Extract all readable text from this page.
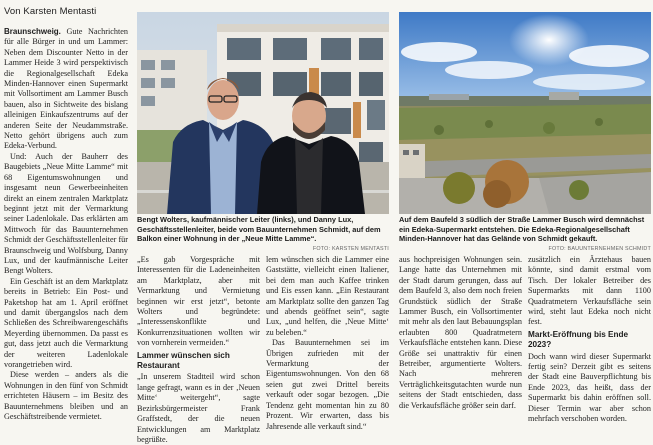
Von Karsten Mentasti

Braunschweig. Gute Nachrichten für alle Bürger in und um Lammer: Neben dem Discounter Netto in der Lammer Heide 3 wird perspektivisch die Regionalgesellschaft Edeka Minden-Hannover einen Supermarkt mit Vollsortiment am Lammer Busch bauen, also in Sichtweite des bislang alleinigen Einkaufszentrums auf der anderen Seite der Neudammstraße. Netto gehört übrigens auch zum Edeka-Verbund.

Und: Auch der Bauherr des Baugebiets „Neue Mitte Lamme“ mit 68 Eigentumswohnungen und insgesamt neun Gewerbeeinheiten direkt an einem zentralen Marktplatz beginnt jetzt mit der Vermarktung seiner Ladenlokale. Das erklärten am Mittwoch für das Bauunternehmen Schmidt der Geschäftsstellenleiter für Braunschweig und Wolfsburg, Danny Lux, und der kaufmännische Leiter Bengt Wolters.

Ein Geschäft ist an dem Marktplatz bereits in Betrieb: Ein Post- und Paketshop hat am 1. April eröffnet und damit übergangslos nach dem Schließen des Schreibwarengeschäfts Meyerding übernommen. Da passt es gut, dass jetzt auch die Vermarktung der weiteren Ladenlokale vorangetrieben wird.

Diese werden – anders als die Wohnungen in den fünf von Schmidt errichteten Häusern – im Besitz des Bauunternehmens bleiben und an Geschäftstreibende vermietet.

Bengt Wolters, kaufmännischer Leiter (links), und Danny Lux, Geschäftsstellenleiter, beide vom Bauunternehmen Schmidt, auf dem Balkon einer Wohnung in der „Neue Mitte Lamme“.
FOTO: KARSTEN MENTASTI
Auf dem Baufeld 3 südlich der Straße Lammer Busch wird demnächst ein Edeka-Supermarkt entstehen. Die Edeka-Regionalgesellschaft Minden-Hannover hat das Gelände von Schmidt gekauft.
FOTO: BAUUNTERNEHMEN SCHMIDT

„Es gab Vorgespräche mit Interessenten für die Ladeneinheiten am Marktplatz, aber mit Vermarktung und Vermietung beginnen wir erst jetzt“, betonte Wolters und begründete: „Interessenskonflikte und Konkurrenzsituationen wollten wir von vornherein vermeiden.“

Lammer wünschen sich Restaurant

„In unserem Stadtteil wird schon lange gefragt, wann es in der ‚Neuen Mitte‘ weitergeht“, sagte Bezirksbürgermeister Frank Graffstedt, der die neuen Entwicklungen am Marktplatz begrüßte.

lem wünschen sich die Lammer eine Gaststätte, vielleicht einen Italiener, bei dem man auch Kaffee trinken und Eis essen kann. „Ein Restaurant am Marktplatz sollte den ganzen Tag und abends geöffnet sein“, sagte Lux, „und helfen, die ‚Neue Mitte‘ zu beleben.“

Das Bauunternehmen sei im Übrigen zufrieden mit der Vermarktung der Eigentumswohnungen. Von den 68 seien gut zwei Drittel bereits verkauft oder sogar bezogen. „Die Tendenz geht momentan hin zu 80 Prozent. Wir erwarten, dass bis Jahresende alle verkauft sind.“

aus hochpreisigen Wohnungen sein. Lange hatte das Unternehmen mit der Stadt darum gerungen, dass auf dem Baufeld 3, also dem noch freien Grundstück südlich der Straße Lammer Busch, ein Vollsortimenter mit mehr als den laut Bebauungsplan erlaubten 800 Quadratmetern Verkaufsfläche entstehen kann. Diese Größe sei unattraktiv für einen Betreiber, argumentierte Wolters. Nach mehreren Verträglichkeitsgutachten wurde nun seitens der Stadt entschieden, dass die Verkaufsfläche größer sein darf.

zusätzlich ein Ärztehaus bauen könnte, sind damit erstmal vom Tisch. Der lokaler Betreiber des Supermarkts mit dann 1100 Quadratmetern Verkaufsfläche sein wird, steht laut Edeka noch nicht fest.

Markt-Eröffnung bis Ende 2023?

Doch wann wird dieser Supermarkt fertig sein? Derzeit gibt es seitens der Stadt eine Bauverpflichtung bis Ende 2023, das heißt, dass der Supermarkt bis dahin eröffnen soll. Dieser Termin war aber schon mehrfach verschoben worden.
